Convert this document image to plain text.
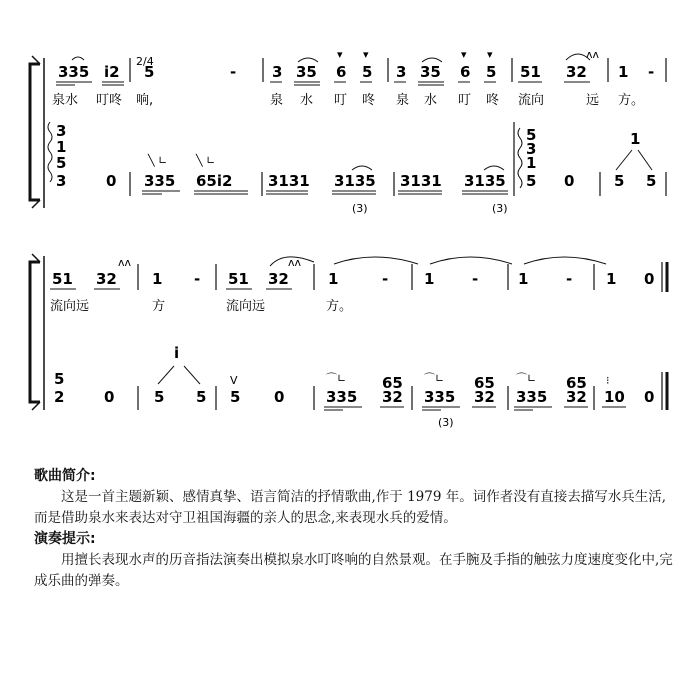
335 i2
2/4
5	- 3 35 6 5
▾ ▾
3 35 6 5
▾ ▾
51 32
ʌʌ
1 -
泉水 叮咚 响,	泉 水 叮 咚 泉 水 叮 咚 流向	远 方。
3
1
5
3	0
╲ ∟	╲ ∟
335 65i2 3131 3135
(3)
3131 3135
(3)
5
3
1
5 0
1
5 5
51 32
ʌʌ
1 - 51 32
ʌʌ
1	- 1	-	1	- 1 0
流向远	方	流向远	方。
5
2	0
i
5 5
V
5 0
⌒∟
335
65
32
⌒∟
335
65
32
(3)
⌒∟
335
65
32
⁝
10 0
歌曲简介:
这是一首主题新颖、感情真挚、语言简洁的抒情歌曲,作于 1979 年。词作者没有直接去描写水兵生活,而是借助泉水来表达对守卫祖国海疆的亲人的思念,来表现水兵的爱情。
演奏提示:
用擅长表现水声的历音指法演奏出模拟泉水叮咚响的自然景观。在手腕及手指的触弦力度速度变化中,完成乐曲的弹奏。
